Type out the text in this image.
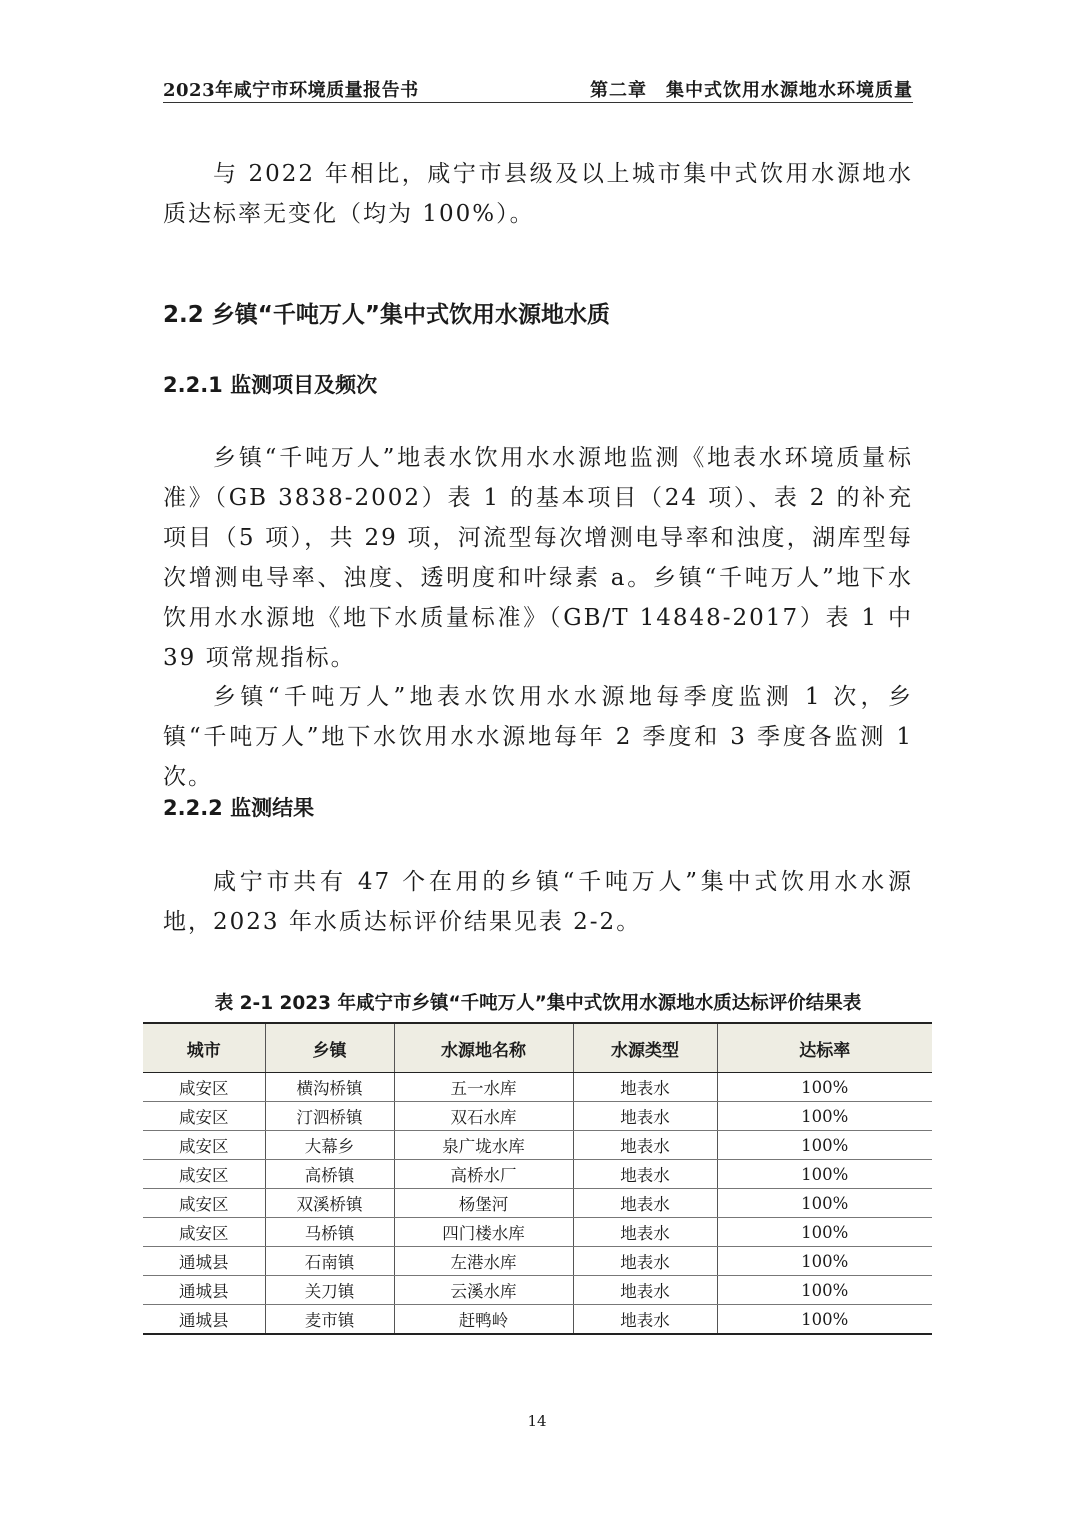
2023年咸宁市环境质量报告书	第二章　集中式饮用水源地水环境质量

与 2022 年相比，咸宁市县级及以上城市集中式饮用水源地水质达标率无变化（均为 100%）。

2.2 乡镇“千吨万人”集中式饮用水源地水质
2.2.1 监测项目及频次

乡镇“千吨万人”地表水饮用水水源地监测《地表水环境质量标准》（GB 3838-2002）表 1 的基本项目（24 项）、表 2 的补充项目（5 项），共 29 项，河流型每次增测电导率和浊度，湖库型每次增测电导率、浊度、透明度和叶绿素 a。乡镇“千吨万人”地下水饮用水水源地《地下水质量标准》（GB/T 14848-2017）表 1 中 39 项常规指标。

乡镇“千吨万人”地表水饮用水水源地每季度监测 1 次，乡镇“千吨万人”地下水饮用水水源地每年 2 季度和 3 季度各监测 1 次。

2.2.2 监测结果

咸宁市共有 47 个在用的乡镇“千吨万人”集中式饮用水水源地，2023 年水质达标评价结果见表 2-2。

表 2-1 2023 年咸宁市乡镇“千吨万人”集中式饮用水源地水质达标评价结果表
城市	乡镇	水源地名称	水源类型	达标率
咸安区	横沟桥镇	五一水库	地表水	100%
咸安区	汀泗桥镇	双石水库	地表水	100%
咸安区	大幕乡	泉广垅水库	地表水	100%
咸安区	高桥镇	高桥水厂	地表水	100%
咸安区	双溪桥镇	杨堡河	地表水	100%
咸安区	马桥镇	四门楼水库	地表水	100%
通城县	石南镇	左港水库	地表水	100%
通城县	关刀镇	云溪水库	地表水	100%
通城县	麦市镇	赶鸭岭	地表水	100%
14
